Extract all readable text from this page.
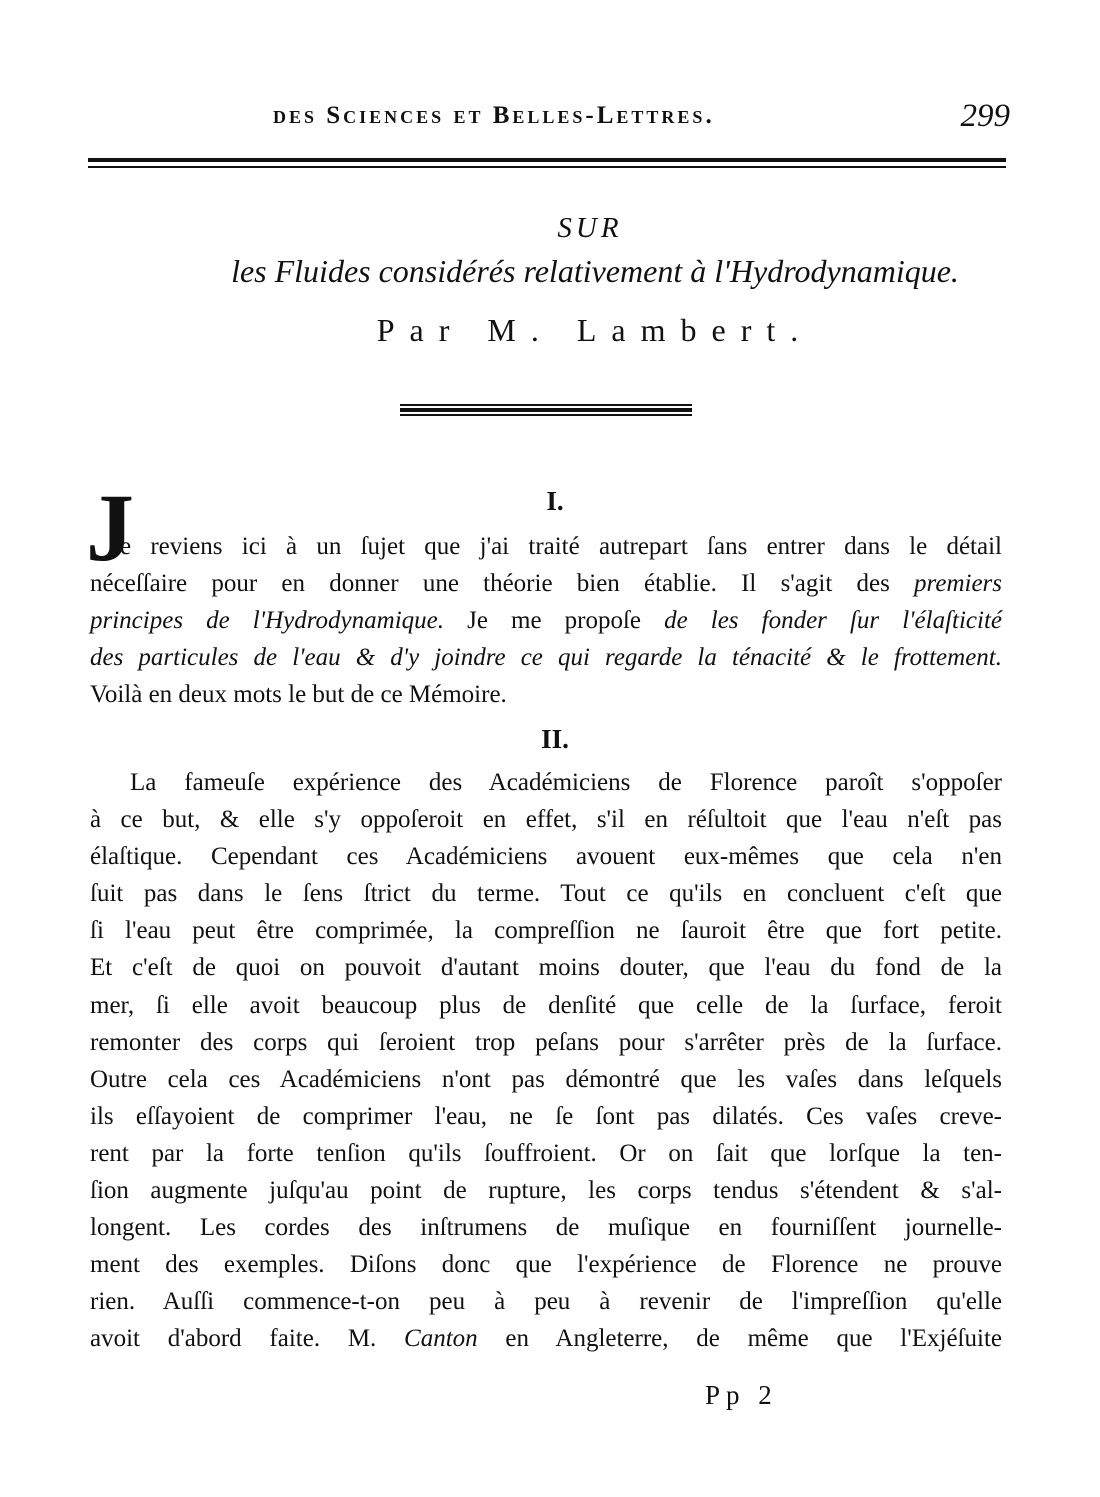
des Sciences et Belles-Lettres.	299
SUR
les Fluides considérés relativement à l'Hydrodynamique.
Par M. Lambert.
I.
J
e reviens ici à un ſujet que j'ai traité autrepart ſans entrer dans le détail
néceſſaire pour en donner une théorie bien établie. Il s'agit des premiers
principes de l'Hydrodynamique. Je me propoſe de les fonder ſur l'élaſticité
des particules de l'eau & d'y joindre ce qui regarde la ténacité & le frottement.
Voilà en deux mots le but de ce Mémoire.
II.
La fameuſe expérience des Académiciens de Florence paroît s'oppoſer
à ce but, & elle s'y oppoſeroit en effet, s'il en réſultoit que l'eau n'eſt pas
élaſtique. Cependant ces Académiciens avouent eux-mêmes que cela n'en
ſuit pas dans le ſens ſtrict du terme. Tout ce qu'ils en concluent c'eſt que
ſi l'eau peut être comprimée, la compreſſion ne ſauroit être que fort petite.
Et c'eſt de quoi on pouvoit d'autant moins douter, que l'eau du fond de la
mer, ſi elle avoit beaucoup plus de denſité que celle de la ſurface, feroit
remonter des corps qui ſeroient trop peſans pour s'arrêter près de la ſurface.
Outre cela ces Académiciens n'ont pas démontré que les vaſes dans leſquels
ils eſſayoient de comprimer l'eau, ne ſe ſont pas dilatés. Ces vaſes creve-
rent par la forte tenſion qu'ils ſouffroient. Or on ſait que lorſque la ten-
ſion augmente juſqu'au point de rupture, les corps tendus s'étendent & s'al-
longent. Les cordes des inſtrumens de muſique en fourniſſent journelle-
ment des exemples. Diſons donc que l'expérience de Florence ne prouve
rien. Auſſi commence-t-on peu à peu à revenir de l'impreſſion qu'elle
avoit d'abord faite. M. Canton en Angleterre, de même que l'Exjéſuite
Pp 2
